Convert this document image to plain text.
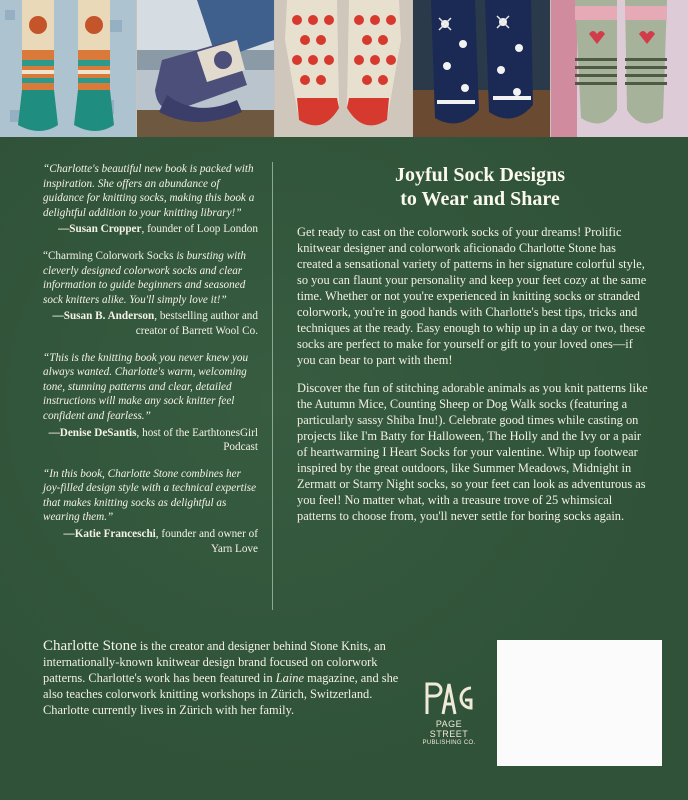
“Charlotte's beautiful new book is packed with inspiration. She offers an abundance of guidance for knitting socks, making this book a delightful addition to your knitting library!”

—Susan Cropper, founder of Loop London

“Charming Colorwork Socks is bursting with cleverly designed colorwork socks and clear information to guide beginners and seasoned sock knitters alike. You'll simply love it!”

—Susan B. Anderson, bestselling author and creator of Barrett Wool Co.

“This is the knitting book you never knew you always wanted. Charlotte's warm, welcoming tone, stunning patterns and clear, detailed instructions will make any sock knitter feel confident and fearless.”

—Denise DeSantis, host of the EarthtonesGirl Podcast

“In this book, Charlotte Stone combines her joy-filled design style with a technical expertise that makes knitting socks as delightful as wearing them.”

—Katie Franceschi, founder and owner of Yarn Love

Joyful Sock Designs
to Wear and Share

Get ready to cast on the colorwork socks of your dreams! Prolific knitwear designer and colorwork aficionado Charlotte Stone has created a sensational variety of patterns in her signature colorful style, so you can flaunt your personality and keep your feet cozy at the same time. Whether or not you're experienced in knitting socks or stranded colorwork, you're in good hands with Charlotte's best tips, tricks and techniques at the ready. Easy enough to whip up in a day or two, these socks are perfect to make for yourself or gift to your loved ones—if you can bear to part with them!

Discover the fun of stitching adorable animals as you knit patterns like the Autumn Mice, Counting Sheep or Dog Walk socks (featuring a particularly sassy Shiba Inu!). Celebrate good times while casting on projects like I'm Batty for Halloween, The Holly and the Ivy or a pair of heartwarming I Heart Socks for your valentine. Whip up footwear inspired by the great outdoors, like Summer Meadows, Midnight in Zermatt or Starry Night socks, so your feet can look as adventurous as you feel! No matter what, with a treasure trove of 25 whimsical patterns to choose from, you'll never settle for boring socks again.

Charlotte Stone is the creator and designer behind Stone Knits, an internationally-known knitwear design brand focused on colorwork patterns. Charlotte's work has been featured in Laine magazine, and she also teaches colorwork knitting workshops in Zürich, Switzerland. Charlotte currently lives in Zürich with her family.

PAGE STREET
PUBLISHING CO.
